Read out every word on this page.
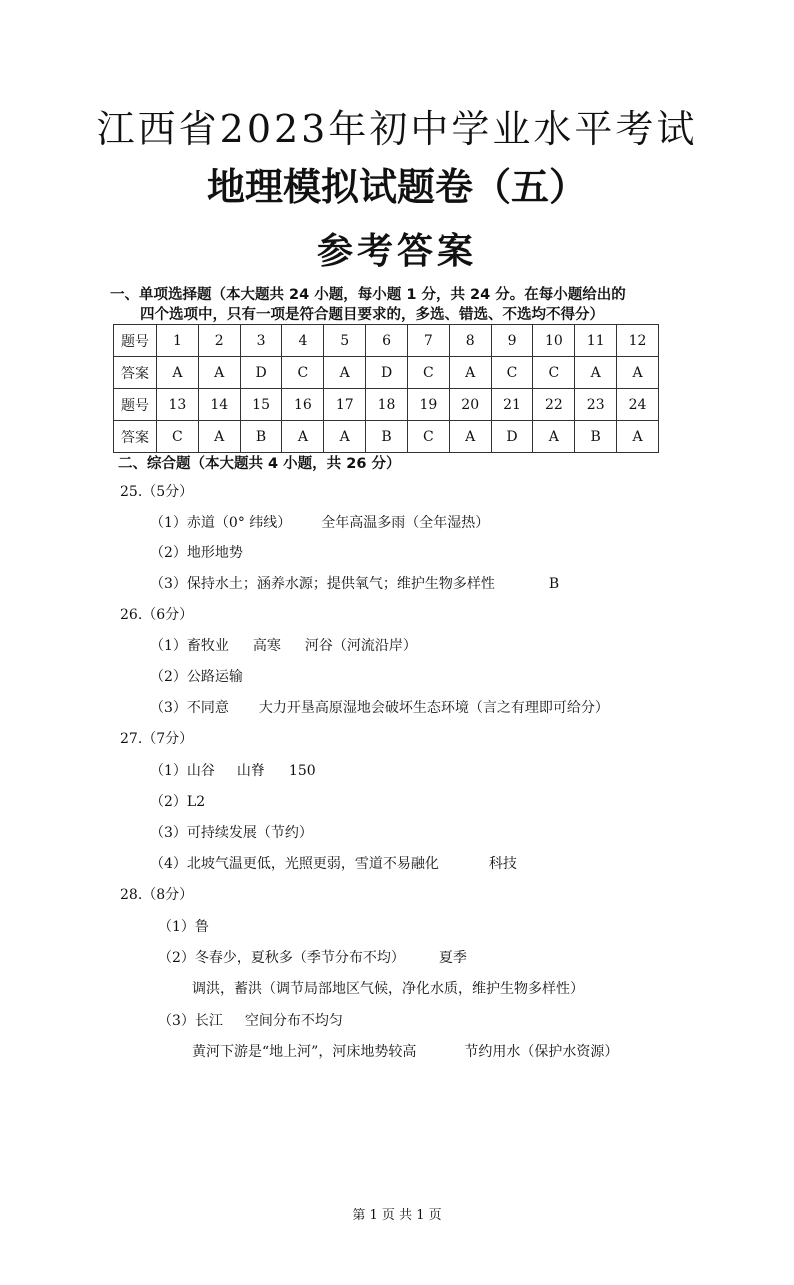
江西省2023年初中学业水平考试
地理模拟试题卷（五）
参考答案
一、单项选择题（本大题共 24 小题，每小题 1 分，共 24 分。在每小题给出的
四个选项中，只有一项是符合题目要求的，多选、错选、不选均不得分）
题号	1	2	3	4	5	6	7	8	9	10	11	12
答案	A	A	D	C	A	D	C	A	C	C	A	A
题号	13	14	15	16	17	18	19	20	21	22	23	24
答案	C	A	B	A	A	B	C	A	D	A	B	A
二、综合题（本大题共 4 小题，共 26 分）
25.（5分）
（1）赤道（0° 纬线） 全年高温多雨（全年湿热）
（2）地形地势
（3）保持水土；涵养水源；提供氧气；维护生物多样性	B
26.（6分）
（1）畜牧业 高寒 河谷（河流沿岸）
（2）公路运输
（3）不同意 大力开垦高原湿地会破坏生态环境（言之有理即可给分）
27.（7分）
（1）山谷 山脊 150
（2）L2
（3）可持续发展（节约）
（4）北坡气温更低，光照更弱，雪道不易融化	科技
28.（8分）
（1）鲁
（2）冬春少，夏秋多（季节分布不均） 夏季
调洪，蓄洪（调节局部地区气候，净化水质，维护生物多样性）
（3）长江 空间分布不均匀
黄河下游是“地上河”，河床地势较高	节约用水（保护水资源）
第 1 页 共 1 页
